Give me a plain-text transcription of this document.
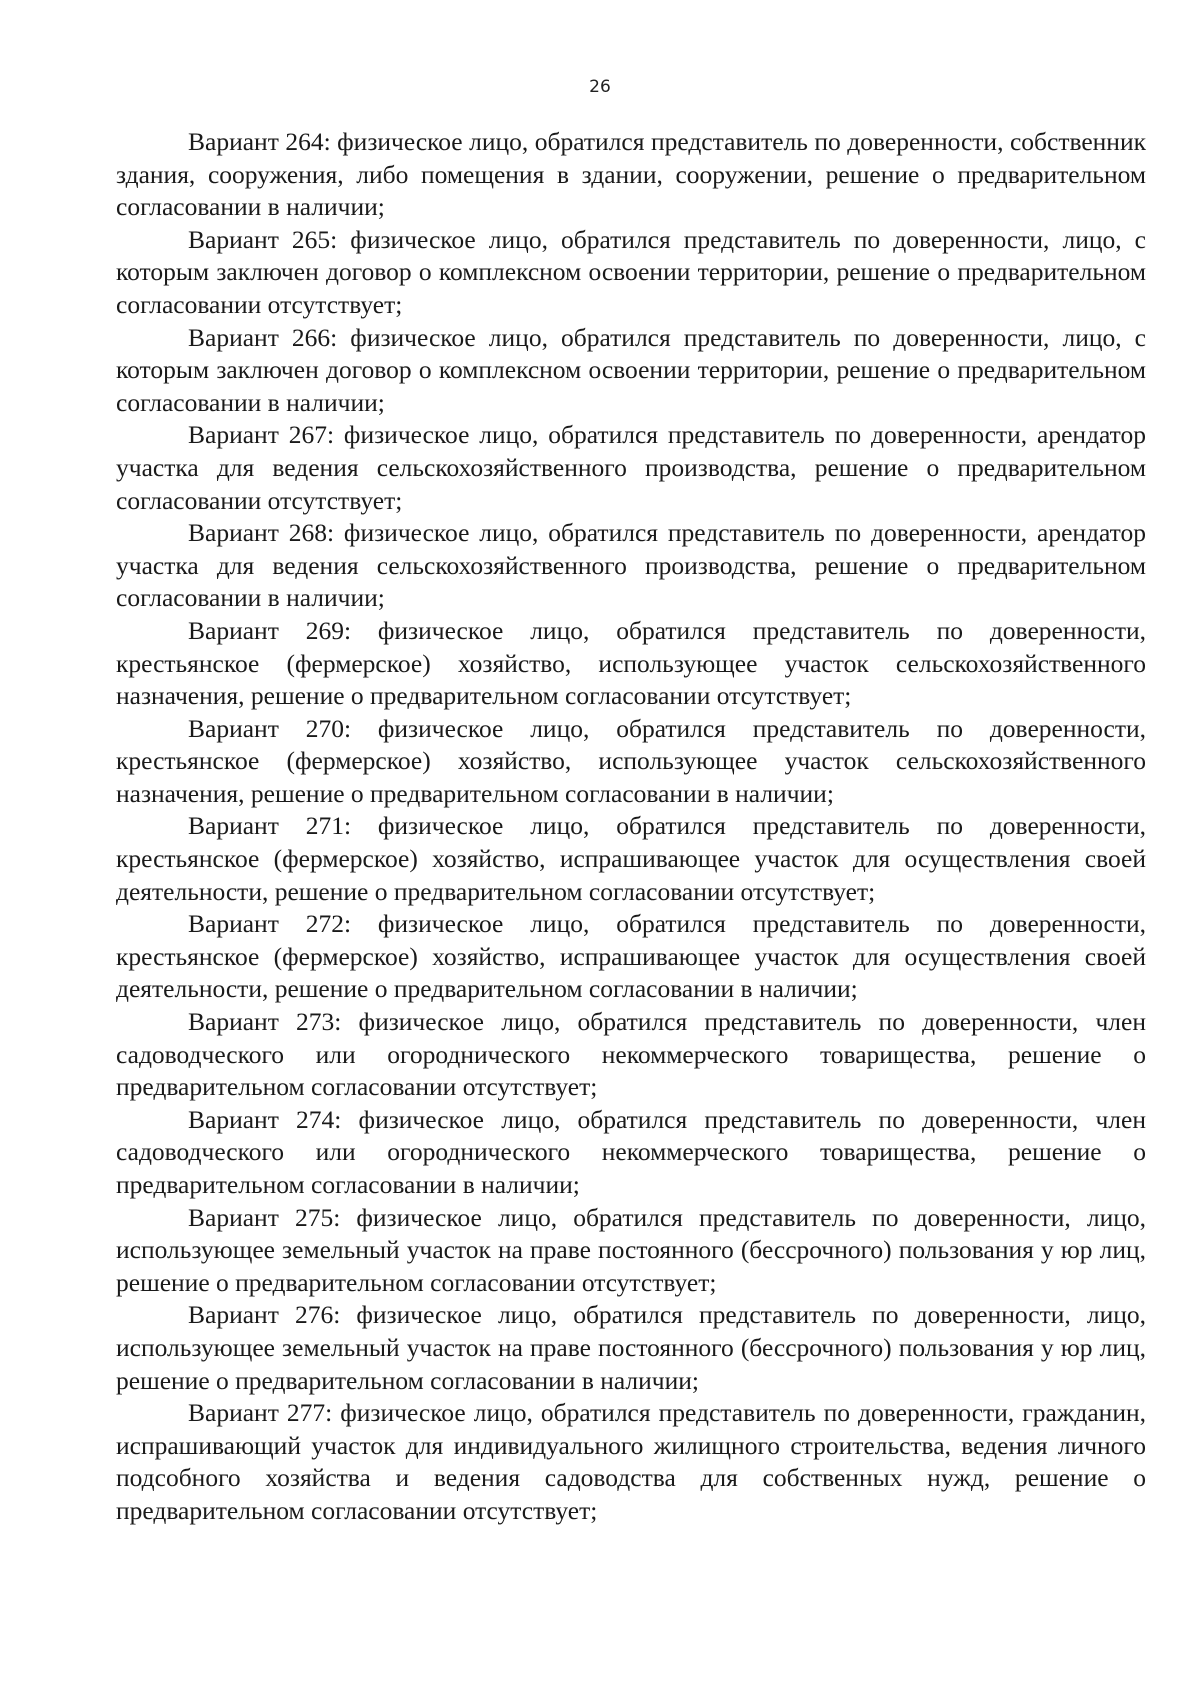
26

Вариант 264: физическое лицо, обратился представитель по доверенности, собственник здания, сооружения, либо помещения в здании, сооружении, решение о предварительном согласовании в наличии;

Вариант 265: физическое лицо, обратился представитель по доверенности, лицо, с которым заключен договор о комплексном освоении территории, решение о предварительном согласовании отсутствует;

Вариант 266: физическое лицо, обратился представитель по доверенности, лицо, с которым заключен договор о комплексном освоении территории, решение о предварительном согласовании в наличии;

Вариант 267: физическое лицо, обратился представитель по доверенности, арендатор участка для ведения сельскохозяйственного производства, решение о предварительном согласовании отсутствует;

Вариант 268: физическое лицо, обратился представитель по доверенности, арендатор участка для ведения сельскохозяйственного производства, решение о предварительном согласовании в наличии;

Вариант 269: физическое лицо, обратился представитель по доверенности, крестьянское (фермерское) хозяйство, использующее участок сельскохозяйственного назначения, решение о предварительном согласовании отсутствует;

Вариант 270: физическое лицо, обратился представитель по доверенности, крестьянское (фермерское) хозяйство, использующее участок сельскохозяйственного назначения, решение о предварительном согласовании в наличии;

Вариант 271: физическое лицо, обратился представитель по доверенности, крестьянское (фермерское) хозяйство, испрашивающее участок для осуществления своей деятельности, решение о предварительном согласовании отсутствует;

Вариант 272: физическое лицо, обратился представитель по доверенности, крестьянское (фермерское) хозяйство, испрашивающее участок для осуществления своей деятельности, решение о предварительном согласовании в наличии;

Вариант 273: физическое лицо, обратился представитель по доверенности, член садоводческого или огороднического некоммерческого товарищества, решение о предварительном согласовании отсутствует;

Вариант 274: физическое лицо, обратился представитель по доверенности, член садоводческого или огороднического некоммерческого товарищества, решение о предварительном согласовании в наличии;

Вариант 275: физическое лицо, обратился представитель по доверенности, лицо, использующее земельный участок на праве постоянного (бессрочного) пользования у юр лиц, решение о предварительном согласовании отсутствует;

Вариант 276: физическое лицо, обратился представитель по доверенности, лицо, использующее земельный участок на праве постоянного (бессрочного) пользования у юр лиц, решение о предварительном согласовании в наличии;

Вариант 277: физическое лицо, обратился представитель по доверенности, гражданин, испрашивающий участок для индивидуального жилищного строительства, ведения личного подсобного хозяйства и ведения садоводства для собственных нужд, решение о предварительном согласовании отсутствует;
